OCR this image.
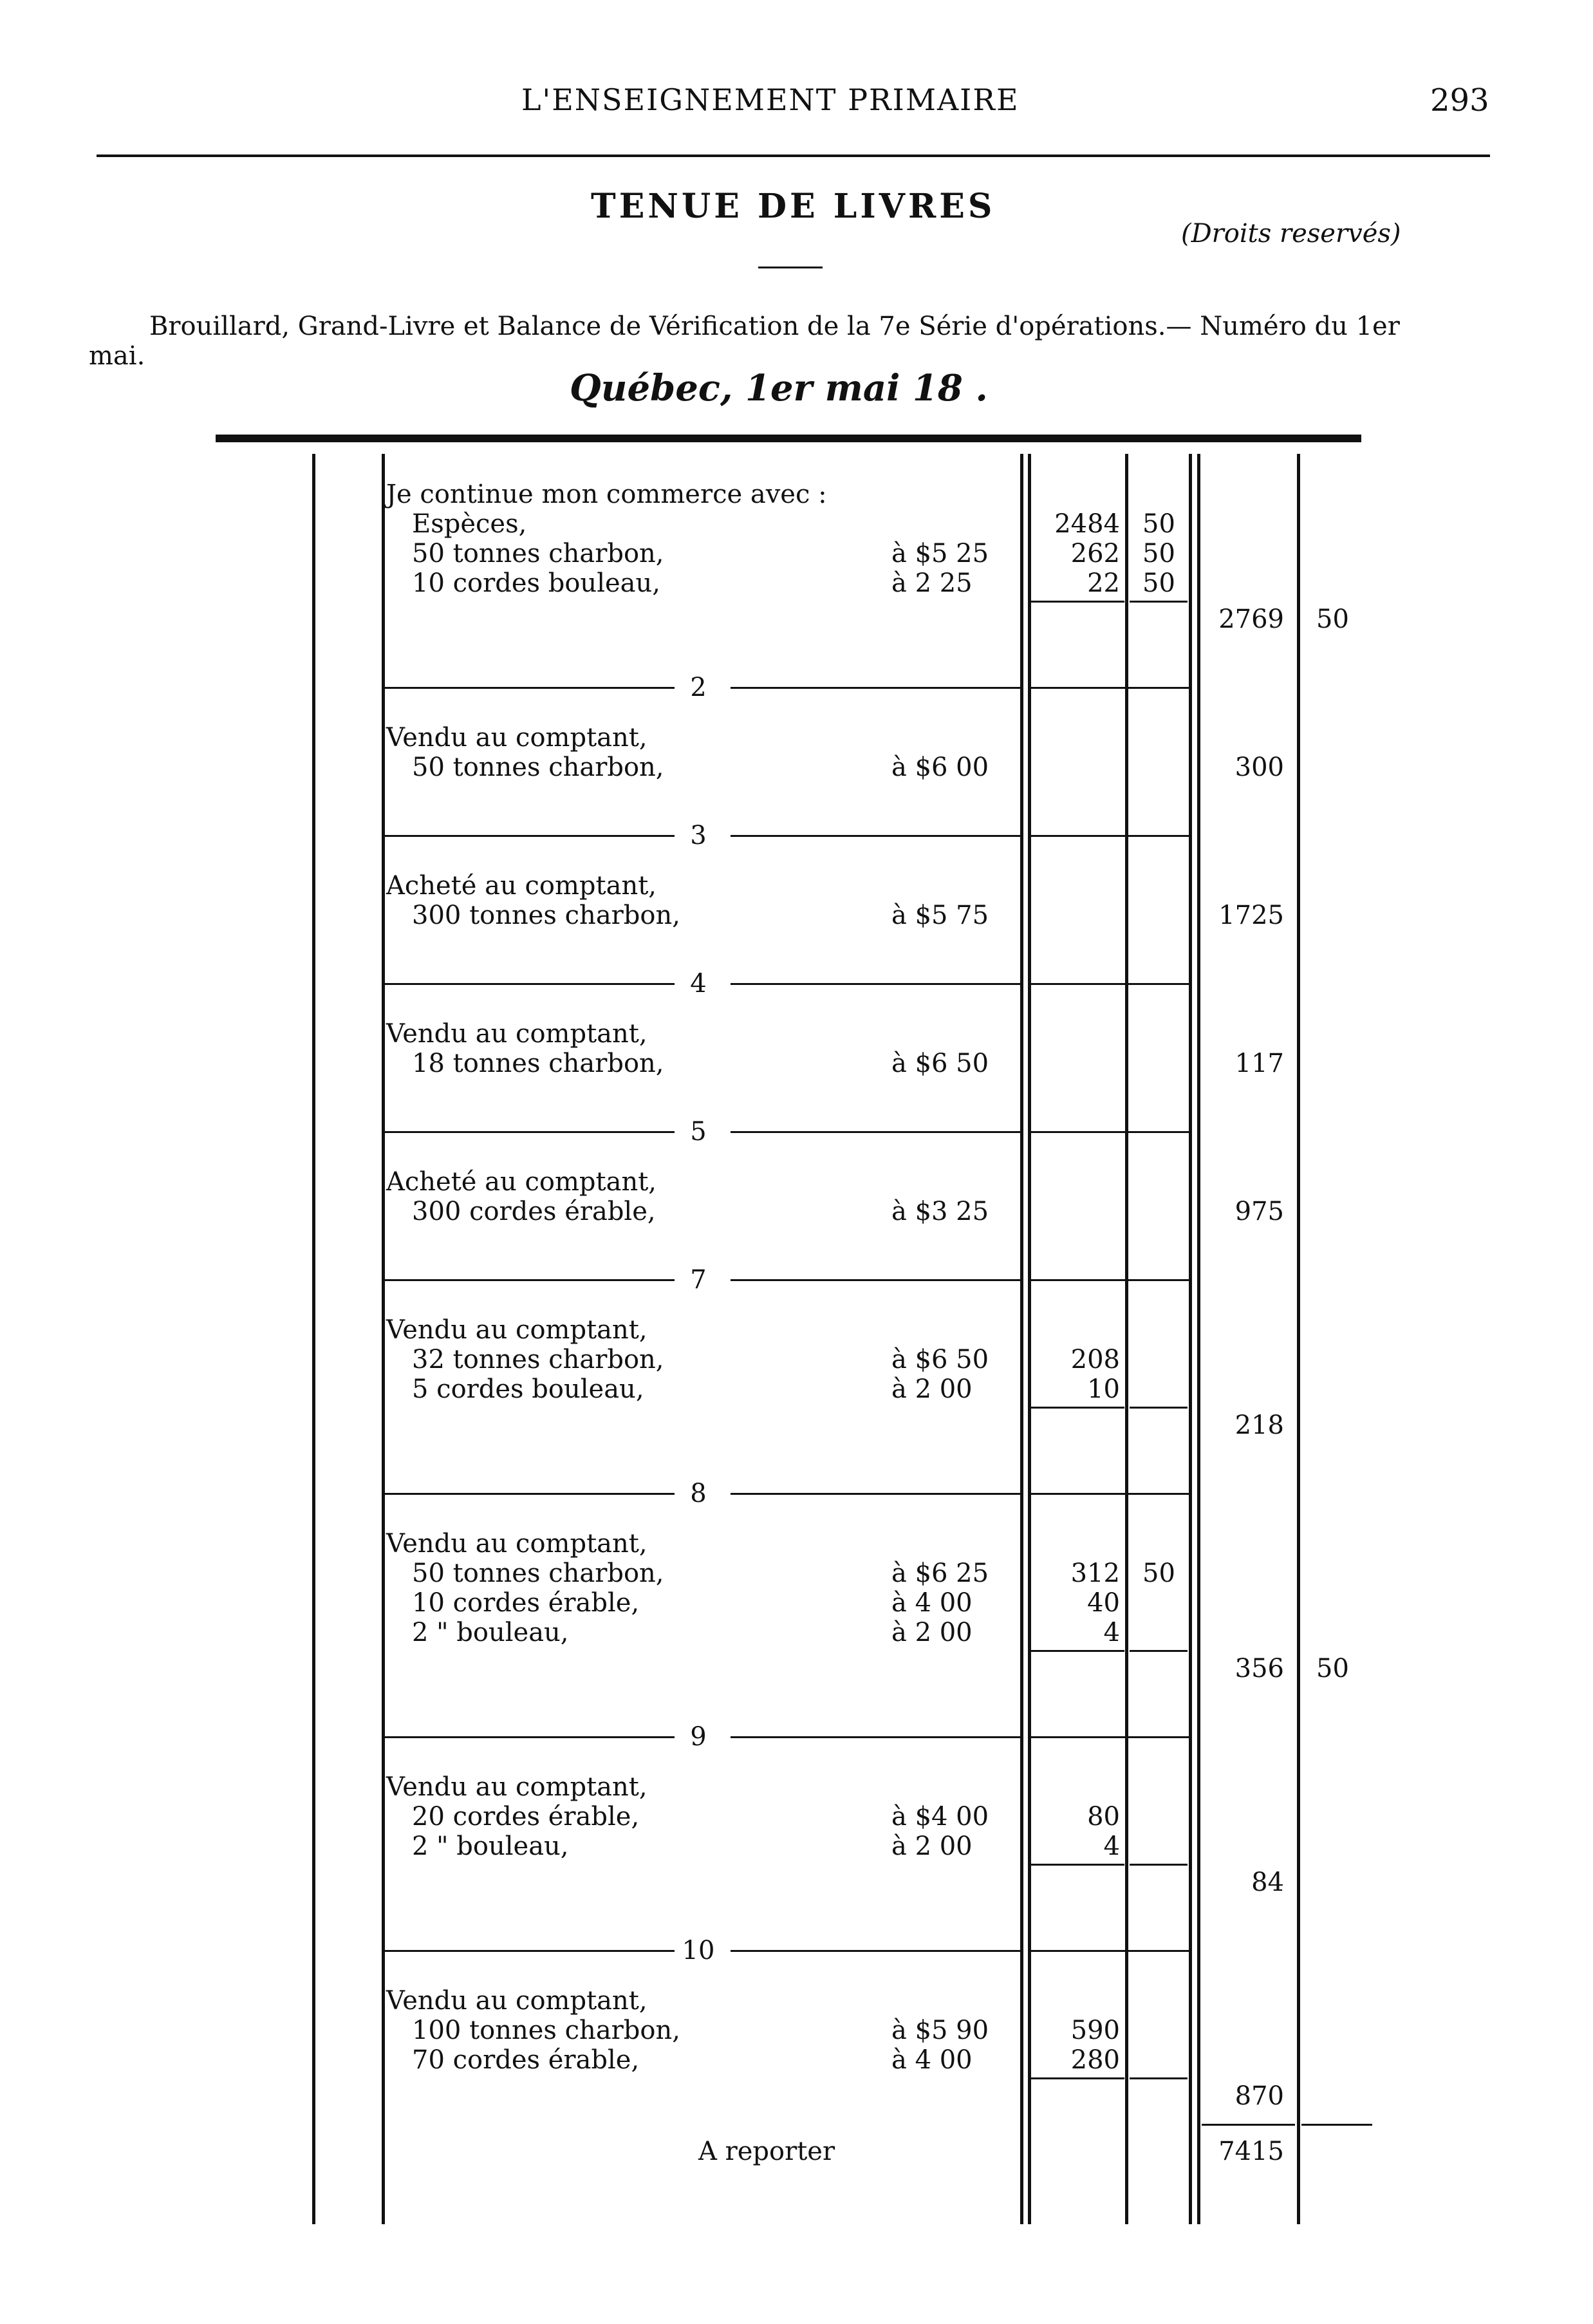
L'ENSEIGNEMENT PRIMAIRE	293
TENUE DE LIVRES
(Droits reservés)
Brouillard, Grand-Livre et Balance de Vérification de la 7e Série d'opérations.— Numéro du 1er
mai.
Québec, 1er mai 18 .
Je continue mon commerce avec :
Espèces,	2484 50
50 tonnes charbon,	à $5 25	262 50
10 cordes bouleau,	à 2 25	22 50
2769 50
2
Vendu au comptant,
50 tonnes charbon,	à $6 00	300
3
Acheté au comptant,
300 tonnes charbon,	à $5 75	1725
4
Vendu au comptant,
18 tonnes charbon,	à $6 50	117
5
Acheté au comptant,
300 cordes érable,	à $3 25	975
7
Vendu au comptant,
32 tonnes charbon,	à $6 50	208
5 cordes bouleau,	à 2 00	10
218
8
Vendu au comptant,
50 tonnes charbon,	à $6 25	312 50
10 cordes érable,	à 4 00	40
2 " bouleau,	à 2 00	4
356 50
9
Vendu au comptant,
20 cordes érable,	à $4 00	80
2 " bouleau,	à 2 00	4
84
10
Vendu au comptant,
100 tonnes charbon,	à $5 90	590
70 cordes érable,	à 4 00	280
870
A reporter	7415
